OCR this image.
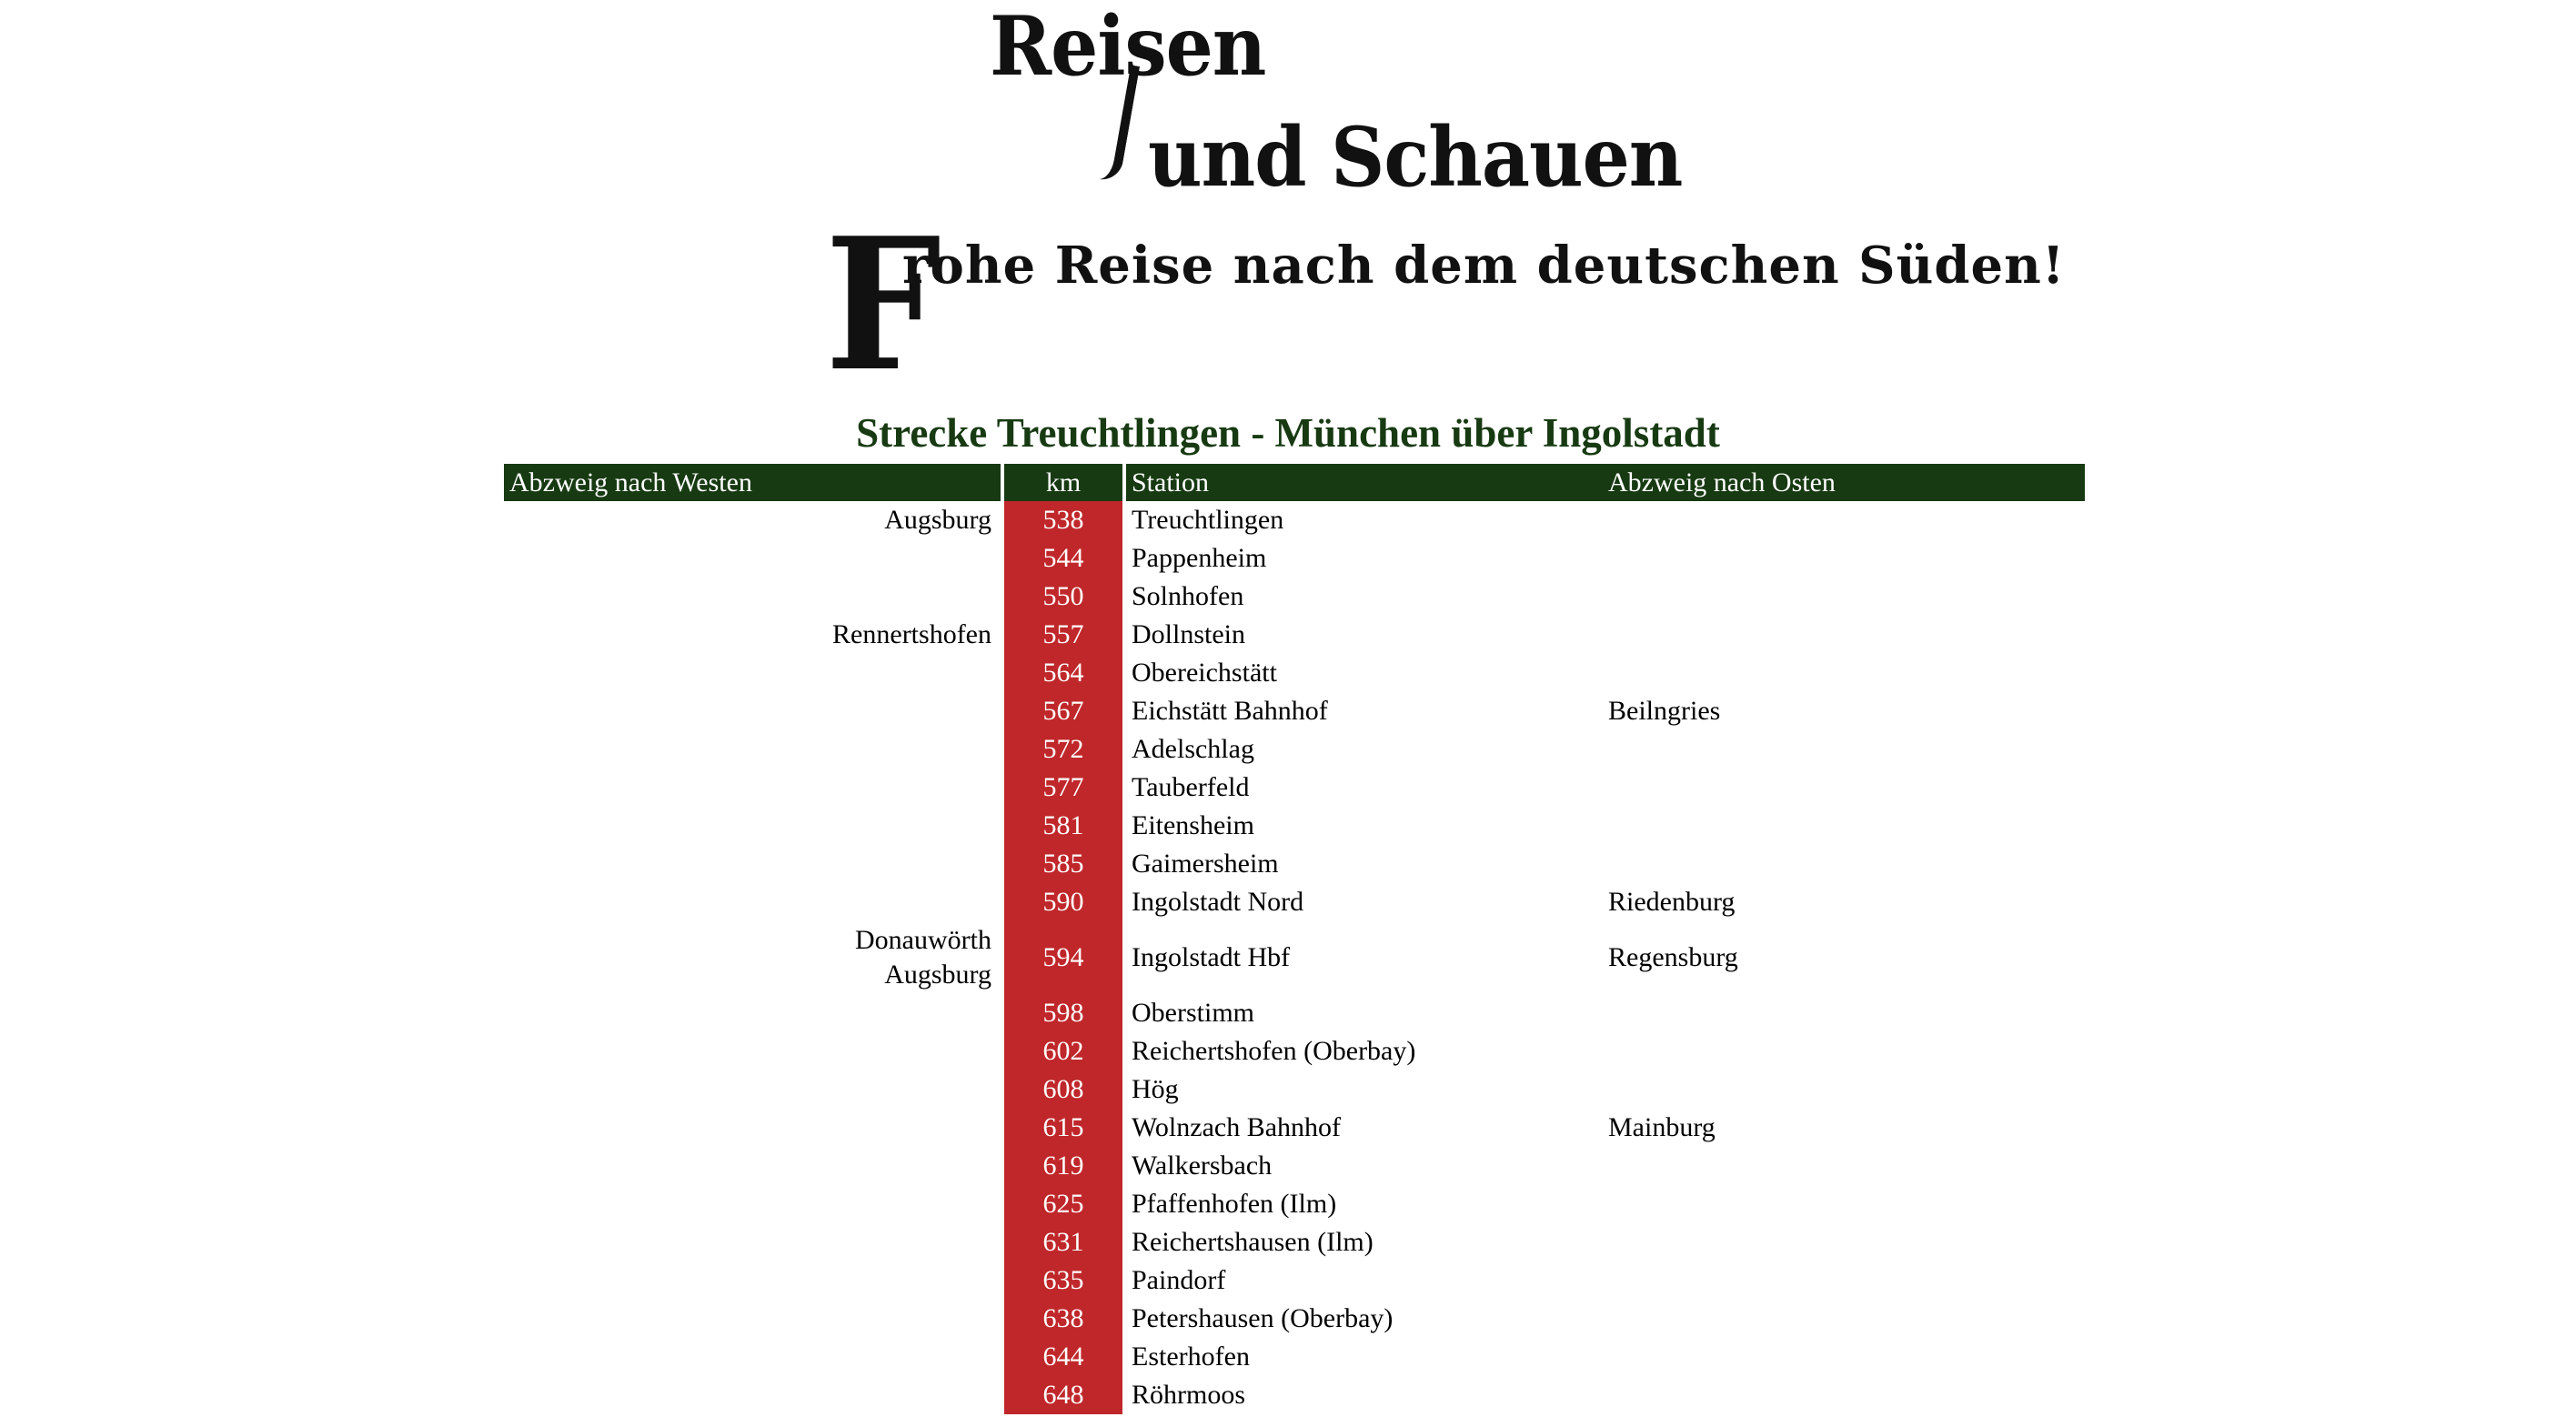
Reisen
und Schauen
F
rohe Reise nach dem deutschen Süden!
Strecke Treuchtlingen - München über Ingolstadt
Abzweig nach Westen		km		Station	Abzweig nach Osten

Augsburg		538		Treuchtlingen	
		544		Pappenheim	
		550		Solnhofen	

Rennertshofen		557		Dollnstein	
		564		Obereichstätt	
		567		Eichstätt Bahnhof	Beilngries
		572		Adelschlag	
		577		Tauberfeld	
		581		Eitensheim	
		585		Gaimersheim	
		590		Ingolstadt Nord	Riedenburg

Donauwörth
Augsburg		594		Ingolstadt Hbf	Regensburg
		598		Oberstimm	
		602		Reichertshofen (Oberbay)	
		608		Hög	
		615		Wolnzach Bahnhof	Mainburg
		619		Walkersbach	
		625		Pfaffenhofen (Ilm)	
		631		Reichertshausen (Ilm)	
		635		Paindorf	
		638		Petershausen (Oberbay)	
		644		Esterhofen	
		648		Röhrmoos	
